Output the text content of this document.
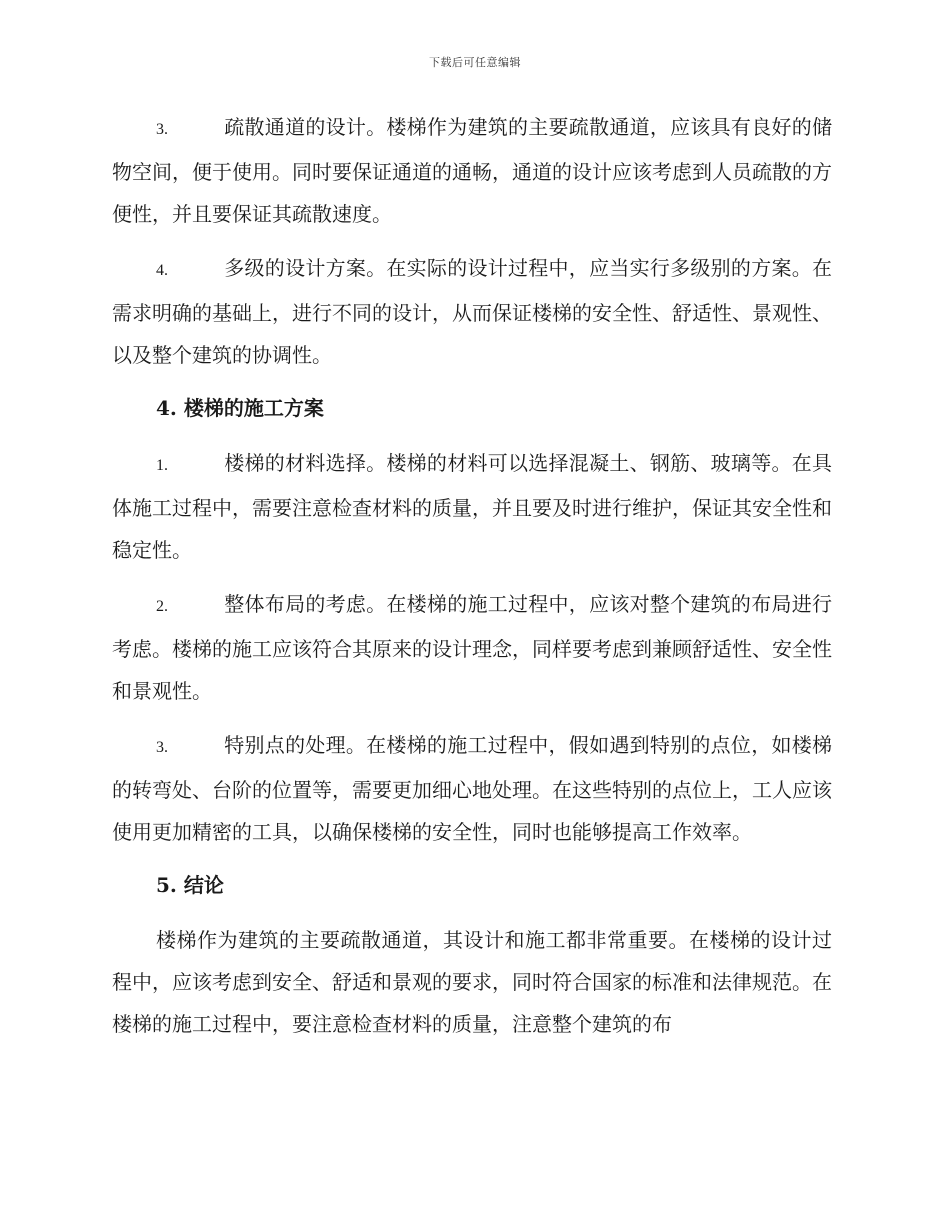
下载后可任意编辑

3.	疏散通道的设计。楼梯作为建筑的主要疏散通道，应该具有良好的储物空间，便于使用。同时要保证通道的通畅，通道的设计应该考虑到人员疏散的方便性，并且要保证其疏散速度。

4.	多级的设计方案。在实际的设计过程中，应当实行多级别的方案。在需求明确的基础上，进行不同的设计，从而保证楼梯的安全性、舒适性、景观性、以及整个建筑的协调性。

4. 楼梯的施工方案

1.	楼梯的材料选择。楼梯的材料可以选择混凝土、钢筋、玻璃等。在具体施工过程中，需要注意检查材料的质量，并且要及时进行维护，保证其安全性和稳定性。

2.	整体布局的考虑。在楼梯的施工过程中，应该对整个建筑的布局进行考虑。楼梯的施工应该符合其原来的设计理念，同样要考虑到兼顾舒适性、安全性和景观性。

3.	特别点的处理。在楼梯的施工过程中，假如遇到特别的点位，如楼梯的转弯处、台阶的位置等，需要更加细心地处理。在这些特别的点位上，工人应该使用更加精密的工具，以确保楼梯的安全性，同时也能够提高工作效率。

5. 结论

楼梯作为建筑的主要疏散通道，其设计和施工都非常重要。在楼梯的设计过程中，应该考虑到安全、舒适和景观的要求，同时符合国家的标准和法律规范。在楼梯的施工过程中，要注意检查材料的质量，注意整个建筑的布
